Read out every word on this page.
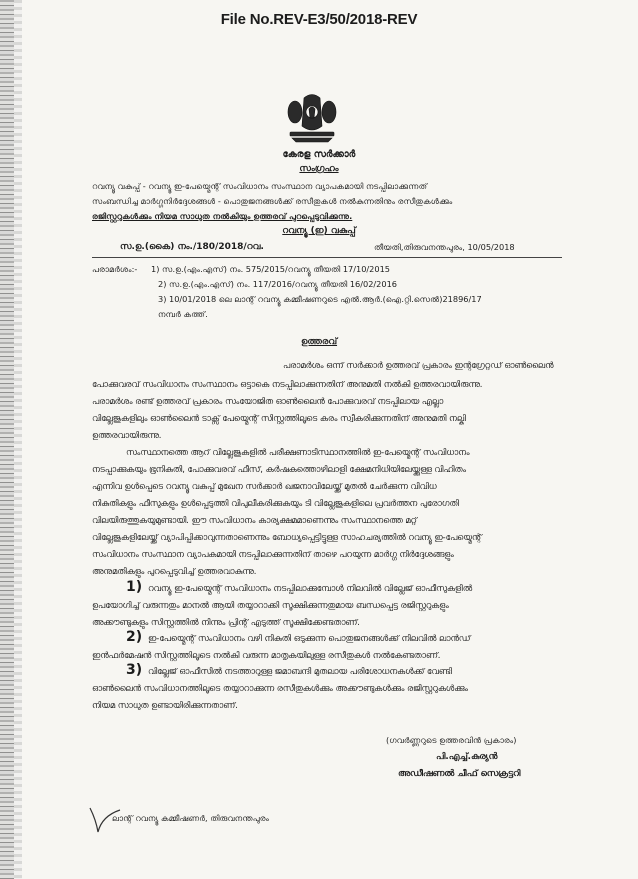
File No.REV-E3/50/2018-REV
കേരള സർക്കാർ
സംഗ്രഹം
റവന്യൂ വകുപ്പ് - റവന്യൂ ഇ-പേയ്മെന്റ് സംവിധാനം സംസ്ഥാന വ്യാപകമായി നടപ്പിലാക്കുന്നത്
സംബന്ധിച്ച മാർഗ്ഗനിർദ്ദേശങ്ങൾ - പൊതുജനങ്ങൾക്ക് രസീതുകൾ നൽകുന്നതിനും രസീതുകൾക്കും
രജിസ്റ്ററുകൾക്കും നിയമ സാധുത നൽകിയും ഉത്തരവ് പുറപ്പെടുവിക്കുന്നു.
റവന്യൂ (ഇ) വകുപ്പ്
സ.ഉ.(കൈ) നം./180/2018/റവ.	തീയതി,തിരുവനന്തപുരം, 10/05/2018
പരാമർശം:- 1) സ.ഉ.(എം.എസ്) നം. 575/2015/റവന്യൂ തീയതി 17/10/2015
2) സ.ഉ.(എം.എസ്) നം. 117/2016/റവന്യൂ തീയതി 16/02/2016
3) 10/01/2018 ലെ ലാന്റ് റവന്യൂ കമ്മീഷണറുടെ എൽ.ആർ.(ഐ.റ്റി.സെൽ)21896/17
നമ്പർ കത്ത്.
ഉത്തരവ്
പരാമർശം ഒന്ന് സർക്കാർ ഉത്തരവ് പ്രകാരം ഇന്റഗ്രേറ്റഡ് ഓൺലൈൻ
പോക്കുവരവ് സംവിധാനം സംസ്ഥാനം ഒട്ടാകെ നടപ്പിലാക്കുന്നതിന് അനുമതി നൽകി ഉത്തരവായിരുന്നു.
പരാമർശം രണ്ട് ഉത്തരവ് പ്രകാരം സംയോജിത ഓൺലൈൻ പോക്കുവരവ് നടപ്പിലായ എല്ലാ
വില്ലേജുകളിലും ഓൺലൈൻ ടാക്സ് പേയ്മെന്റ് സിസ്റ്റത്തിലൂടെ കരം സ്വീകരിക്കുന്നതിന് അനുമതി നല്കി
ഉത്തരവായിരുന്നു.
സംസ്ഥാനത്തെ ആറ് വില്ലേജുകളിൽ പരീക്ഷണാടിസ്ഥാനത്തിൽ ഇ-പേയ്മെന്റ് സംവിധാനം
നടപ്പാക്കുകയും ഭൂനികുതി, പോക്കുവരവ് ഫീസ്, കർഷകത്തൊഴിലാളി ക്ഷേമനിധിയിലേയ്ക്കുള്ള വിഹിതം
എന്നിവ ഉൾപ്പെടെ റവന്യൂ വകുപ്പ് മുഖേന സർക്കാർ ഖജനാവിലേയ്ക്ക് മുതൽ ചേർക്കുന്ന വിവിധ
നികുതികളും ഫീസുകളും ഉൾപ്പെടുത്തി വിപുലീകരിക്കുകയും ടി വില്ലേജുകളിലെ പ്രവർത്തന പുരോഗതി
വിലയിരുത്തുകയുമുണ്ടായി. ഈ സംവിധാനം കാര്യക്ഷമമാണെന്നും സംസ്ഥാനത്തെ മറ്റ്
വില്ലേജുകളിലേയ്ക്ക് വ്യാപിപ്പിക്കാവുന്നതാണെന്നും ബോധ്യപ്പെട്ടിട്ടുള്ള സാഹചര്യത്തിൽ റവന്യൂ ഇ-പേയ്മെന്റ്
സംവിധാനം സംസ്ഥാന വ്യാപകമായി നടപ്പിലാക്കുന്നതിന് താഴെ പറയുന്ന മാർഗ്ഗ നിർദ്ദേശങ്ങളും
അനുമതികളും പുറപ്പെടുവിച്ച് ഉത്തരവാകുന്നു.
1) റവന്യൂ ഇ-പേയ്മെന്റ് സംവിധാനം നടപ്പിലാക്കുമ്പോൾ നിലവിൽ വില്ലേജ് ഓഫീസുകളിൽ
ഉപയോഗിച്ച് വരുന്നതും മാനൽ ആയി തയ്യാറാക്കി സൂക്ഷിക്കുന്നതുമായ ബന്ധപ്പെട്ട രജിസ്റ്ററുകളും
അക്കൗണ്ടുകളും സിസ്റ്റത്തിൽ നിന്നും പ്രിന്റ് എടുത്ത് സൂക്ഷിക്കേണ്ടതാണ്.
2) ഇ-പേയ്മെന്റ് സംവിധാനം വഴി നികുതി ഒടുക്കുന്ന പൊതുജനങ്ങൾക്ക് നിലവിൽ ലാൻഡ്
ഇൻഫർമേഷൻ സിസ്റ്റത്തിലൂടെ നൽകി വരുന്ന മാതൃകയിലുള്ള രസീതുകൾ നൽകേണ്ടതാണ്.
3) വില്ലേജ് ഓഫീസിൽ നടത്താറുള്ള ജമാബന്ദി മുതലായ പരിശോധനകൾക്ക് വേണ്ടി
ഓൺലൈൻ സംവിധാനത്തിലൂടെ തയ്യാറാക്കുന്ന രസീതുകൾക്കും അക്കൗണ്ടുകൾക്കും രജിസ്റ്ററുകൾക്കും
നിയമ സാധുത ഉണ്ടായിരിക്കുന്നതാണ്.
(ഗവർണ്ണറുടെ ഉത്തരവിൻ പ്രകാരം)
പി.എച്ച്.കുര്യൻ
അഡീഷണൽ ചീഫ് സെക്രട്ടറി
ലാന്റ് റവന്യൂ കമ്മീഷണർ, തിരുവനന്തപുരം
